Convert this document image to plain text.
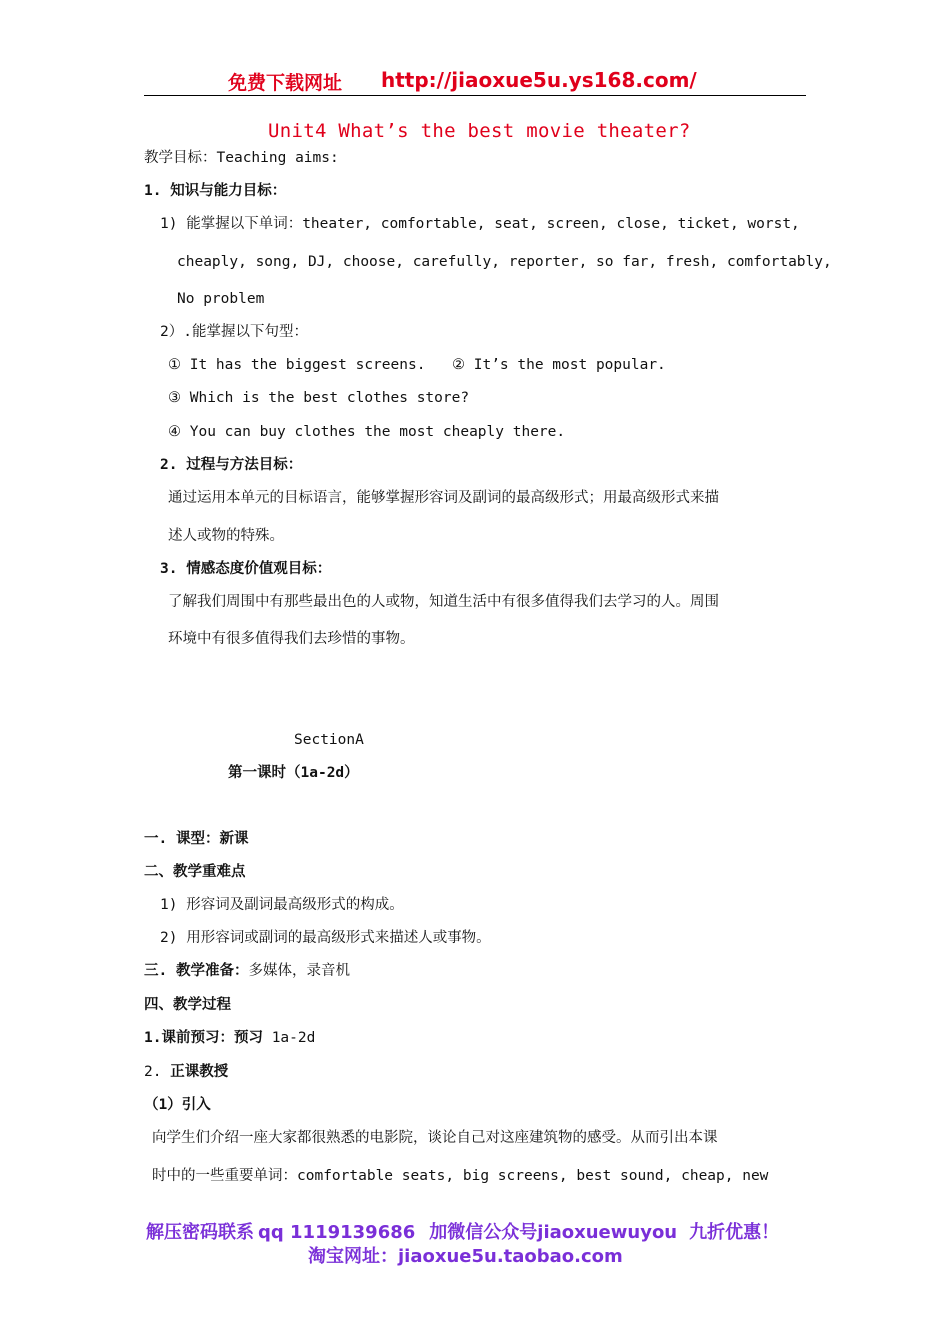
免费下载网址 http://jiaoxue5u.ys168.com/
Unit4 What’s the best movie theater?
教学目标：Teaching aims:
1. 知识与能力目标：
1) 能掌握以下单词：theater, comfortable, seat, screen, close, ticket, worst,
cheaply, song, DJ, choose, carefully, reporter, so far, fresh, comfortably,
No problem
2）.能掌握以下句型：
① It has the biggest screens. ② It’s the most popular.
③ Which is the best clothes store?
④ You can buy clothes the most cheaply there.
2. 过程与方法目标：
通过运用本单元的目标语言，能够掌握形容词及副词的最高级形式；用最高级形式来描
述人或物的特殊。
3. 情感态度价值观目标：
了解我们周围中有那些最出色的人或物，知道生活中有很多值得我们去学习的人。周围
环境中有很多值得我们去珍惜的事物。
SectionA
第一课时（1a-2d）
一. 课型：新课
二、教学重难点
1) 形容词及副词最高级形式的构成。
2) 用形容词或副词的最高级形式来描述人或事物。
三. 教学准备：多媒体，录音机
四、教学过程
1.课前预习：预习 1a-2d
2. 正课教授
（1）引入
向学生们介绍一座大家都很熟悉的电影院，谈论自己对这座建筑物的感受。从而引出本课
时中的一些重要单词：comfortable seats, big screens, best sound, cheap, new
解压密码联系 qq 1119139686 加微信公众号jiaoxuewuyou 九折优惠！
淘宝网址：jiaoxue5u.taobao.com
